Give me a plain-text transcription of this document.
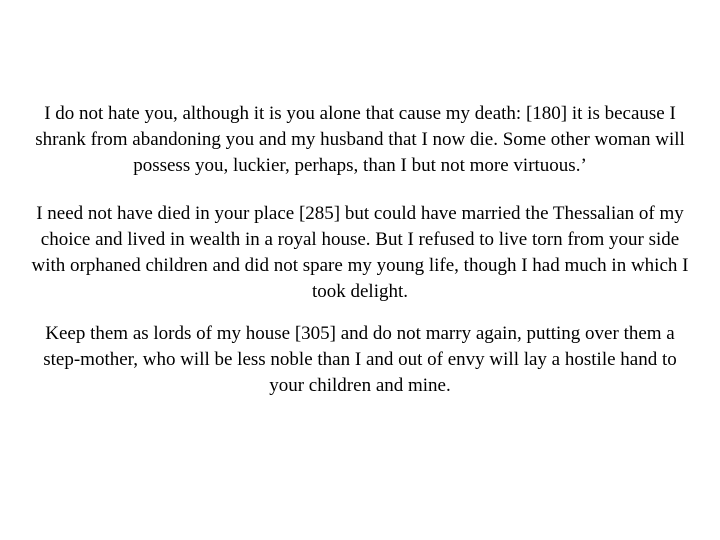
I do not hate you, although it is you alone that cause my death: [180] it is because I
shrank from abandoning you and my husband that I now die. Some other woman will
possess you, luckier, perhaps, than I but not more virtuous.’

I need not have died in your place [285] but could have married the Thessalian of my
choice and lived in wealth in a royal house. But I refused to live torn from your side
with orphaned children and did not spare my young life, though I had much in which I
took delight.

Keep them as lords of my house [305] and do not marry again, putting over them a
step-mother, who will be less noble than I and out of envy will lay a hostile hand to
your children and mine.
